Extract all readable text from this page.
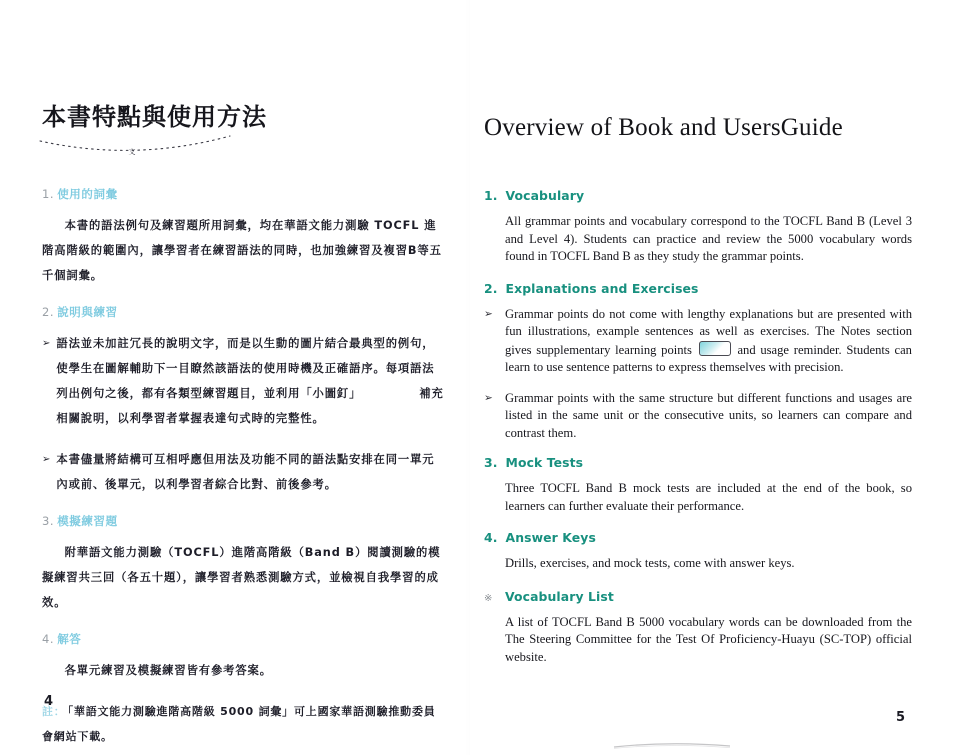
本書特點與使用方法
文
1. 使用的詞彙

本書的語法例句及練習題所用詞彙，均在華語文能力測驗 TOCFL 進階高階級的範圍內，讓學習者在練習語法的同時，也加強練習及複習B等五千個詞彙。

2. 說明與練習
➢ 語法並未加註冗長的說明文字，而是以生動的圖片結合最典型的例句，使學生在圖解輔助下一目瞭然該語法的使用時機及正確語序。每項語法列出例句之後，都有各類型練習題目，並利用「小圖釘」	補充相關說明，以利學習者掌握表達句式時的完整性。
➢ 本書儘量將結構可互相呼應但用法及功能不同的語法點安排在同一單元內或前、後單元，以利學習者綜合比對、前後參考。
3. 模擬練習題

附華語文能力測驗（TOCFL）進階高階級（Band B）閱讀測驗的模擬練習共三回（各五十題），讓學習者熟悉測驗方式，並檢視自我學習的成效。

4. 解答

各單元練習及模擬練習皆有參考答案。

註： 「華語文能力測驗進階高階級 5000 詞彙」可上國家華語測驗推動委員會網站下載。

4
Overview of Book and UsersGuide
1. Vocabulary

All grammar points and vocabulary correspond to the TOCFL Band B (Level 3 and Level 4). Students can practice and review the 5000 vocabulary words found in TOCFL Band B as they study the grammar points.

2. Explanations and Exercises
➢ Grammar points do not come with lengthy explanations but are presented with fun illustrations, example sentences as well as exercises. The Notes section gives supplementary learning points	and usage reminder. Students can learn to use sentence patterns to express themselves with precision.
➢ Grammar points with the same structure but different functions and usages are listed in the same unit or the consecutive units, so learners can compare and contrast them.
3. Mock Tests

Three TOCFL Band B mock tests are included at the end of the book, so learners can further evaluate their performance.

4. Answer Keys

Drills, exercises, and mock tests, come with answer keys.

※	Vocabulary List

A list of TOCFL Band B 5000 vocabulary words can be downloaded from the The Steering Committee for the Test Of Proficiency-Huayu (SC-TOP) official website.

5
